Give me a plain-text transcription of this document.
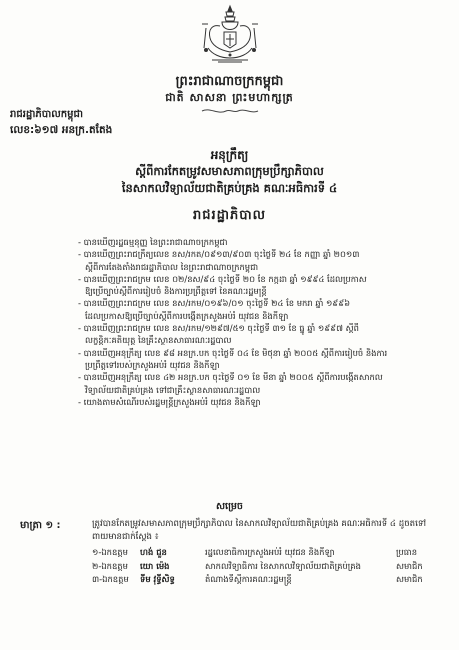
ព្រះរាជាណាចក្រកម្ពុជា
ជាតិ សាសនា ព្រះមហាក្សត្រ
រាជរដ្ឋាភិបាលកម្ពុជា
លេខ:៦១៧ អនក្រ.តតែង
អនុក្រឹត្យ
ស្តីពីការកែតម្រូវសមាសភាពក្រុមប្រឹក្សាភិបាល
នៃសាកលវិទ្យាល័យជាតិគ្រប់គ្រង គណៈអធិការទី ៤
រាជរដ្ឋាភិបាល

- បានឃើញរដ្ឋធម្មនុញ្ញ នៃព្រះរាជាណាចក្រកម្ពុជា

- បានឃើញព្រះរាជក្រឹត្យលេខ នស/រកត/០៩១៣/៩០៣ ចុះថ្ងៃទី ២៤ ខែ កញ្ញា ឆ្នាំ ២០១៣
ស្តីពីការតែងតាំងរាជរដ្ឋាភិបាល នៃព្រះរាជាណាចក្រកម្ពុជា

- បានឃើញព្រះរាជក្រម លេខ ០២/នស/៩៤ ចុះថ្ងៃទី ២០ ខែ កក្កដា ឆ្នាំ ១៩៩៤ ដែលប្រកាស
ឱ្យប្រើច្បាប់ស្តីពីការរៀបចំ និងការប្រព្រឹត្តទៅ នៃគណៈរដ្ឋមន្ត្រី

- បានឃើញព្រះរាជក្រម លេខ នស/រកម/០១៩៦/០១ ចុះថ្ងៃទី ២៤ ខែ មករា ឆ្នាំ ១៩៩៦
ដែលប្រកាសឱ្យប្រើច្បាប់ស្តីពីការបង្កើតក្រសួងអប់រំ យុវជន និងកីឡា

- បានឃើញព្រះរាជក្រម លេខ នស/រកម/១២៩៧/៥១ ចុះថ្ងៃទី ៣១ ខែ ធ្នូ ឆ្នាំ ១៩៩៧ ស្តីពី
លក្ខន្តិកៈគតិយុត្ត នៃគ្រឹះស្ថានសាធារណៈរដ្ឋបាល

- បានឃើញអនុក្រឹត្យ លេខ ៩៨ អនក្រ.បក ចុះថ្ងៃទី ០៤ ខែ មិថុនា ឆ្នាំ ២០០៥ ស្តីពីការរៀបចំ និងការ
ប្រព្រឹត្តទៅរបស់ក្រសួងអប់រំ យុវជន និងកីឡា

- បានឃើញអនុក្រឹត្យ លេខ ៤២ អនក្រ.បក ចុះថ្ងៃទី ០១ ខែ មីនា ឆ្នាំ ២០០៥ ស្តីពីការបង្កើតសាកល
វិទ្យាល័យជាតិគ្រប់គ្រង ទៅជាគ្រឹះស្ថានសាធារណៈរដ្ឋបាល

- យោងតាមសំណើរបស់រដ្ឋមន្ត្រីក្រសួងអប់រំ យុវជន និងកីឡា

សម្រេច
មាត្រា ១ :	ត្រូវបានកែតម្រូវសមាសភាពក្រុមប្រឹក្សាភិបាល នៃសាកលវិទ្យាល័យជាតិគ្រប់គ្រង គណៈអធិការទី ៤ ដូចតទៅ
ពាយមានជាក់ស្តែង ៖
១-ឯកឧត្តម ហង់ ជួន	រដ្ឋលេខាធិការក្រសួងអប់រំ យុវជន និងកីឡា	ប្រធាន
២-ឯកឧត្តម យោ ម៉េង	សាកលវិទ្យាធិការ នៃសាកលវិទ្យាល័យជាតិគ្រប់គ្រង	សមាជិក
៣-ឯកឧត្តម ទីម វុទ្ធីសិទ្ធ	តំណាងទីស្តីការគណៈរដ្ឋមន្ត្រី	សមាជិក
